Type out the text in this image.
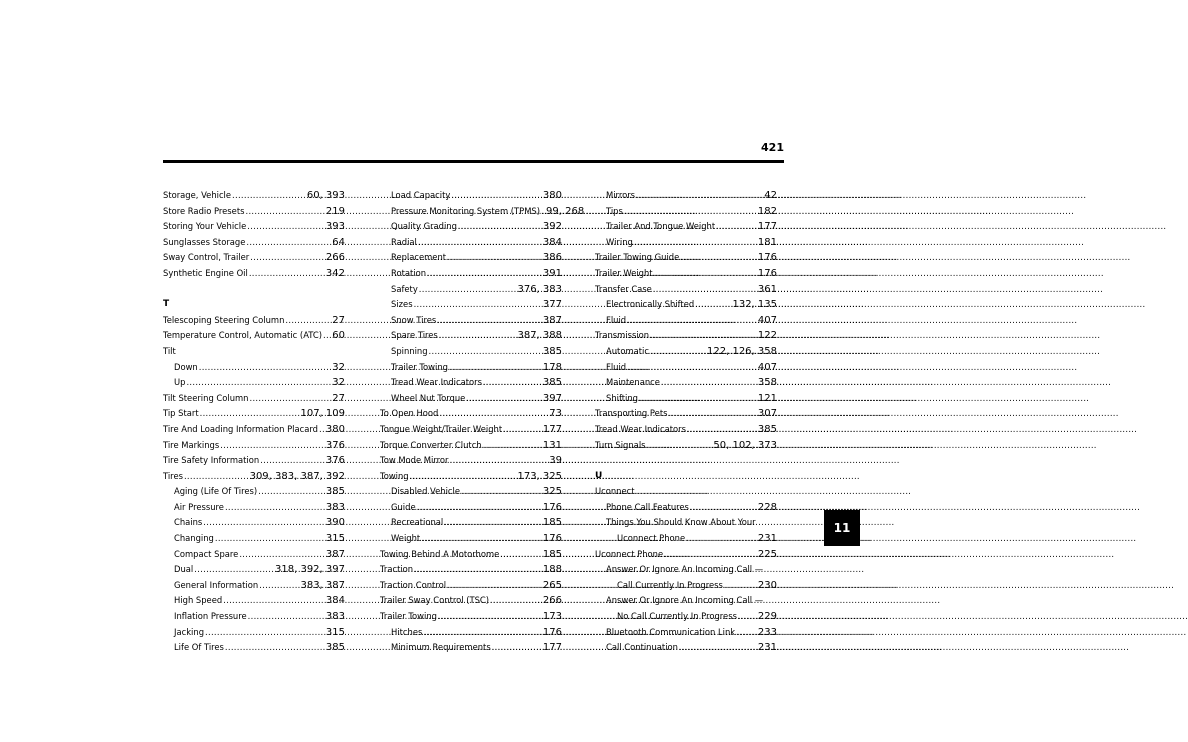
421
Storage, Vehicle .....	60, 393
Store Radio Presets .....	219
Storing Your Vehicle .....	393
Sunglasses Storage .....	64
Sway Control, Trailer .....	266
Synthetic Engine Oil .....	342
T
Telescoping Steering Column .....	27
Temperature Control, Automatic (ATC) ..... 60
Tilt
Down .....	32
Up .....	32
Tilt Steering Column .....	27
Tip Start .....	107, 109
Tire And Loading Information Placard ..... 380
Tire Markings .....	376
Tire Safety Information .....	376
Tires .....	309, 383, 387, 392
Aging (Life Of Tires) .....	385
Air Pressure .....	383
Chains .....	390
Changing .....	315
Compact Spare .....	387
Dual .....	318, 392, 397
General Information .....	383, 387
High Speed .....	384
Inflation Pressure .....	383
Jacking .....	315
Life Of Tires .....	385
Load Capacity .....	380
Pressure Monitoring System (TPMS) ..... 99, 268
Quality Grading .....	392
Radial .....	384
Replacement .....	386
Rotation .....	391
Safety .....	376, 383
Sizes .....	377
Snow Tires .....	387
Spare Tires .....	387, 388
Spinning .....	385
Trailer Towing .....	178
Tread Wear Indicators .....	385
Wheel Nut Torque .....	397
To Open Hood .....	73
Tongue Weight/Trailer Weight .....	177
Torque Converter Clutch .....	131
Tow Mode Mirror .....	39
Towing .....	173, 325
Disabled Vehicle .....	325
Guide .....	176
Recreational .....	185
Weight .....	176
Towing Behind A Motorhome .....	185
Traction .....	188
Traction Control .....	265
Trailer Sway Control (TSC) .....	266
Trailer Towing .....	173
Hitches .....	176
Minimum Requirements .....	177
Mirrors .....	42
Tips .....	182
Trailer And Tongue Weight .....	177
Wiring .....	181
Trailer Towing Guide .....	176
Trailer Weight .....	176
Transfer Case .....	361
Electronically Shifted .....	132, 135
Fluid .....	407
Transmission .....	122
Automatic .....	122, 126, 358
Fluid .....	407
Maintenance .....	358
Shifting .....	121
Transporting Pets .....	307
Tread Wear Indicators .....	385
Turn Signals .....	50, 102, 373
U
Uconnect
Phone Call Features .....	228
Things You Should Know About Your
Uconnect Phone .....	231
Uconnect Phone .....	225
Answer Or Ignore An Incoming Call —
Call Currently In Progress .....	230
Answer Or Ignore An Incoming Call —
No Call Currently In Progress ..... 229
Bluetooth Communication Link ..... 233
Call Continuation .....	231
11
